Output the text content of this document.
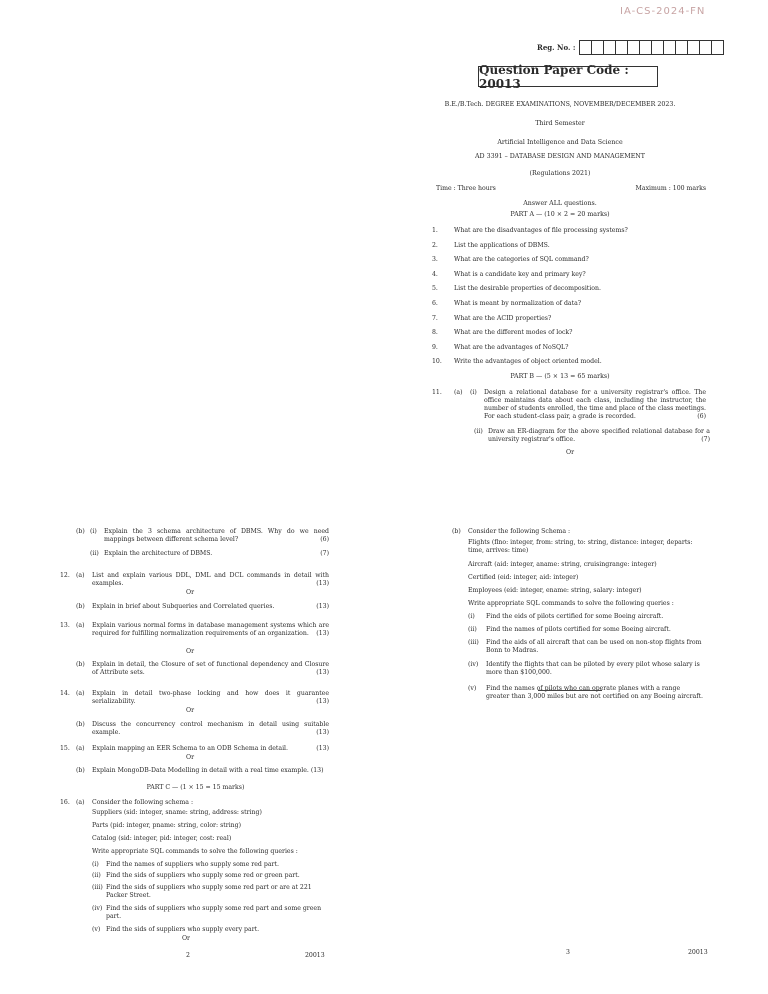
IA-CS-2024-FN
Reg. No. :
Question Paper Code : 20013
B.E./B.Tech. DEGREE EXAMINATIONS, NOVEMBER/DECEMBER 2023.
Third Semester
Artificial Intelligence and Data Science
AD 3391 – DATABASE DESIGN AND MANAGEMENT
(Regulations 2021)
Time : Three hours	Maximum : 100 marks
Answer ALL questions.
PART A — (10 × 2 = 20 marks)
1.	What are the disadvantages of file processing systems?
2.	List the applications of DBMS.
3.	What are the categories of SQL command?
4.	What is a candidate key and primary key?
5.	List the desirable properties of decomposition.
6.	What is meant by normalization of data?
7.	What are the ACID properties?
8.	What are the different modes of lock?
9.	What are the advantages of NoSQL?
10.	Write the advantages of object oriented model.
PART B — (5 × 13 = 65 marks)
11.	(a)	(i)	Design a relational database for a university registrar's office. The office maintains data about each class, including the instructor, the number of students enrolled, the time and place of the class meetings. For each student-class pair, a grade is recorded.	(6)
(ii) Draw an ER-diagram for the above specified relational database for a university registrar's office.	(7)
Or
(b) (i)	Explain the 3 schema architecture of DBMS. Why do we need mappings between different schema level?	(6)
(ii) Explain the architecture of DBMS.	(7)
12. (a)	List and explain various DDL, DML and DCL commands in detail with examples.	(13)
Or
(b)	Explain in brief about Subqueries and Correlated queries.	(13)
13. (a)	Explain various normal forms in database management systems which are required for fulfilling normalization requirements of an organization. (13)
Or
(b)	Explain in detail, the Closure of set of functional dependency and Closure of Attribute sets.	(13)
14. (a)	Explain in detail two-phase locking and how does it guarantee serializability.	(13)
Or
(b)	Discuss the concurrency control mechanism in detail using suitable example.	(13)
15. (a)	Explain mapping an EER Schema to an ODB Schema in detail.	(13)
Or
(b)	Explain MongoDB-Data Modelling in detail with a real time example. (13)
PART C — (1 × 15 = 15 marks)
16. (a)	Consider the following schema :
Suppliers (sid: integer, sname: string, address: string)
Parts (pid: integer, pname: string, color: string)
Catalog (sid: integer, pid: integer, cost: real)
Write appropriate SQL commands to solve the following queries :
(i)	Find the names of suppliers who supply some red part.
(ii) Find the sids of suppliers who supply some red or green part.
(iii) Find the sids of suppliers who supply some red part or are at 221 Packer Street.
(iv) Find the sids of suppliers who supply some red part and some green part.
(v) Find the sids of suppliers who supply every part.
Or
2	20013
(b)	Consider the following Schema :
Flights (flno: integer, from: string, to: string, distance: integer, departs: time, arrives: time)
Aircraft (aid: integer, aname: string, cruisingrange: integer)
Certified (eid: integer, aid: integer)
Employees (eid: integer, ename: string, salary: integer)
Write appropriate SQL commands to solve the following queries :
(i)	Find the eids of pilots certified for some Boeing aircraft.
(ii)	Find the names of pilots certified for some Boeing aircraft.
(iii)	Find the aids of all aircraft that can be used on non-stop flights from Bonn to Madras.
(iv)	Identify the flights that can be piloted by every pilot whose salary is more than $100,000.
(v)	Find the names of pilots who can operate planes with a range greater than 3,000 miles but are not certified on any Boeing aircraft.
3	20013
